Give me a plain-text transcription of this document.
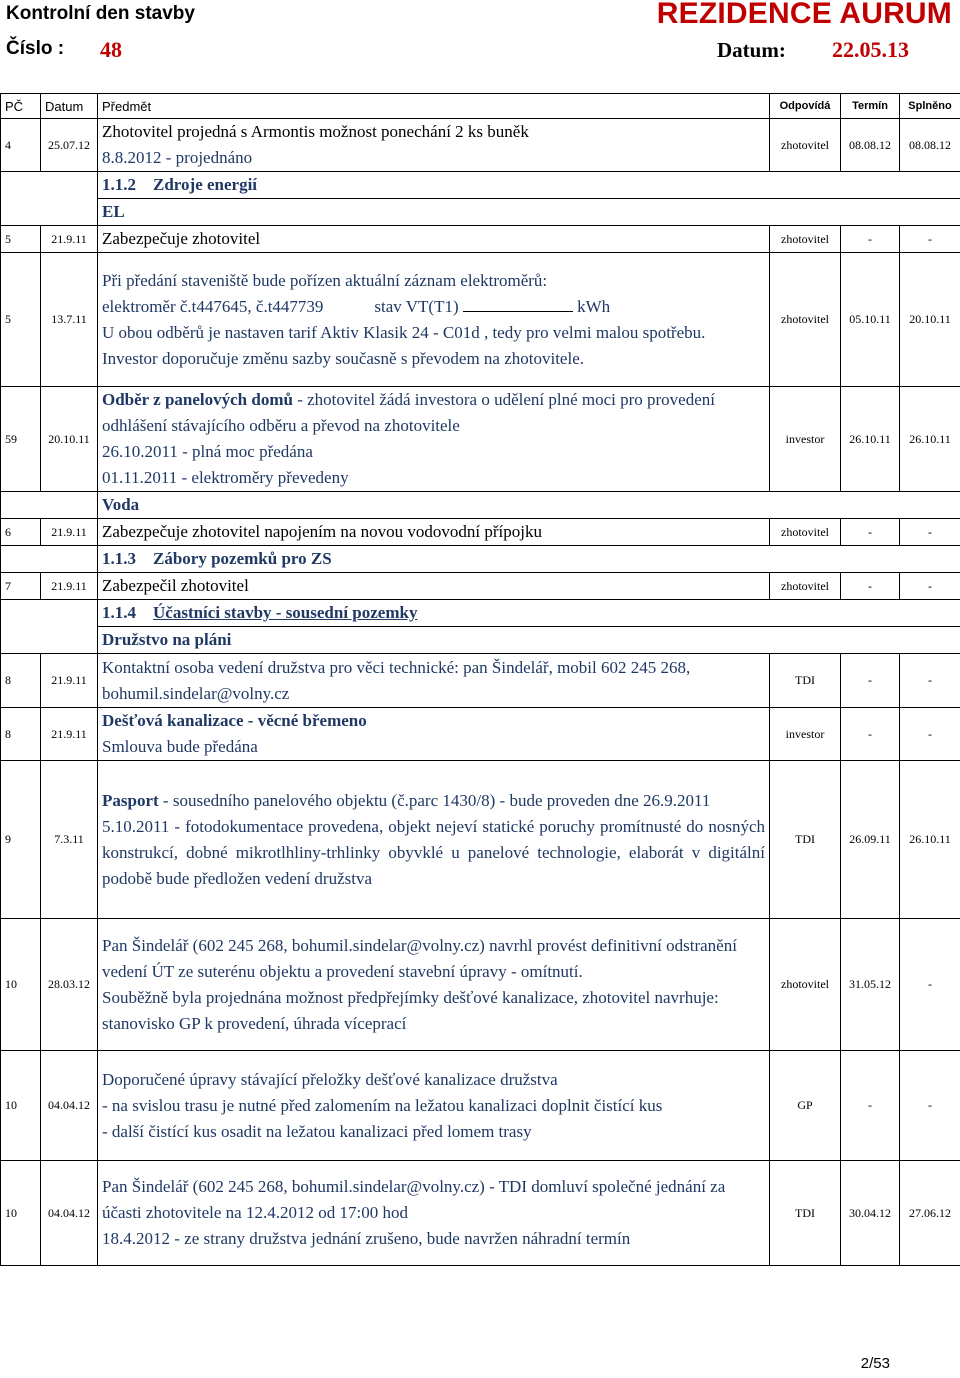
Kontrolní den stavby	REZIDENCE AURUM
Číslo : 48	Datum: 22.05.13
PČ	Datum	Předmět	Odpovídá	Termín	Splněno
4	25.07.12	Zhotovitel projedná s Armontis možnost ponechání 2 ks buněk
8.8.2012 - projednáno	zhotovitel	08.08.12	08.08.12
		1.1.2 Zdroje energií			
		EL			
5	21.9.11	Zabezpečuje zhotovitel	zhotovitel	-	-
5	13.7.11	Při předání staveniště bude pořízen aktuální záznam elektroměrů:
elektroměr č.t447645, č.t447739 stav VT(T1) kWh
U obou odběrů je nastaven tarif Aktiv Klasik 24 - C01d , tedy pro velmi malou spotřebu.
Investor doporučuje změnu sazby současně s převodem na zhotovitele.	zhotovitel	05.10.11	20.10.11
59	20.10.11	Odběr z panelových domů - zhotovitel žádá investora o udělení plné moci pro provedení odhlášení stávajícího odběru a převod na zhotovitele
26.10.2011 - plná moc předána
01.11.2011 - elektroměry převedeny	investor	26.10.11	26.10.11
		Voda			
6	21.9.11	Zabezpečuje zhotovitel napojením na novou vodovodní přípojku	zhotovitel	-	-
		1.1.3 Zábory pozemků pro ZS			
7	21.9.11	Zabezpečil zhotovitel	zhotovitel	-	-
		1.1.4 Účastníci stavby - sousední pozemky			
		Družstvo na pláni			
8	21.9.11	Kontaktní osoba vedení družstva pro věci technické: pan Šindelář, mobil 602 245 268, bohumil.sindelar@volny.cz	TDI	-	-
8	21.9.11	Dešťová kanalizace - věcné břemeno
Smlouva bude předána	investor	-	-
9	7.3.11	Pasport - sousedního panelového objektu (č.parc 1430/8) - bude proveden dne 26.9.2011
5.10.2011 - fotodokumentace provedena, objekt nejeví statické poruchy promítnusté do nosných konstrukcí, dobné mikrotlhliny-trhlinky obyvklé u panelové technologie, elaborát v digitální podobě bude předložen vedení družstva	TDI	26.09.11	26.10.11
10	28.03.12	Pan Šindelář (602 245 268, bohumil.sindelar@volny.cz) navrhl provést definitivní odstranění vedení ÚT ze suterénu objektu a provedení stavební úpravy - omítnutí.
Souběžně byla projednána možnost předpřejímky dešťové kanalizace, zhotovitel navrhuje: stanovisko GP k provedení, úhrada víceprací	zhotovitel	31.05.12	-
10	04.04.12	Doporučené úpravy stávající přeložky dešťové kanalizace družstva
- na svislou trasu je nutné před zalomením na ležatou kanalizaci doplnit čistící kus
- další čistící kus osadit na ležatou kanalizaci před lomem trasy	GP	-	-
10	04.04.12	Pan Šindelář (602 245 268, bohumil.sindelar@volny.cz) - TDI domluví společné jednání za účasti zhotovitele na 12.4.2012 od 17:00 hod
18.4.2012 - ze strany družstva jednání zrušeno, bude navržen náhradní termín	TDI	30.04.12	27.06.12
2/53
